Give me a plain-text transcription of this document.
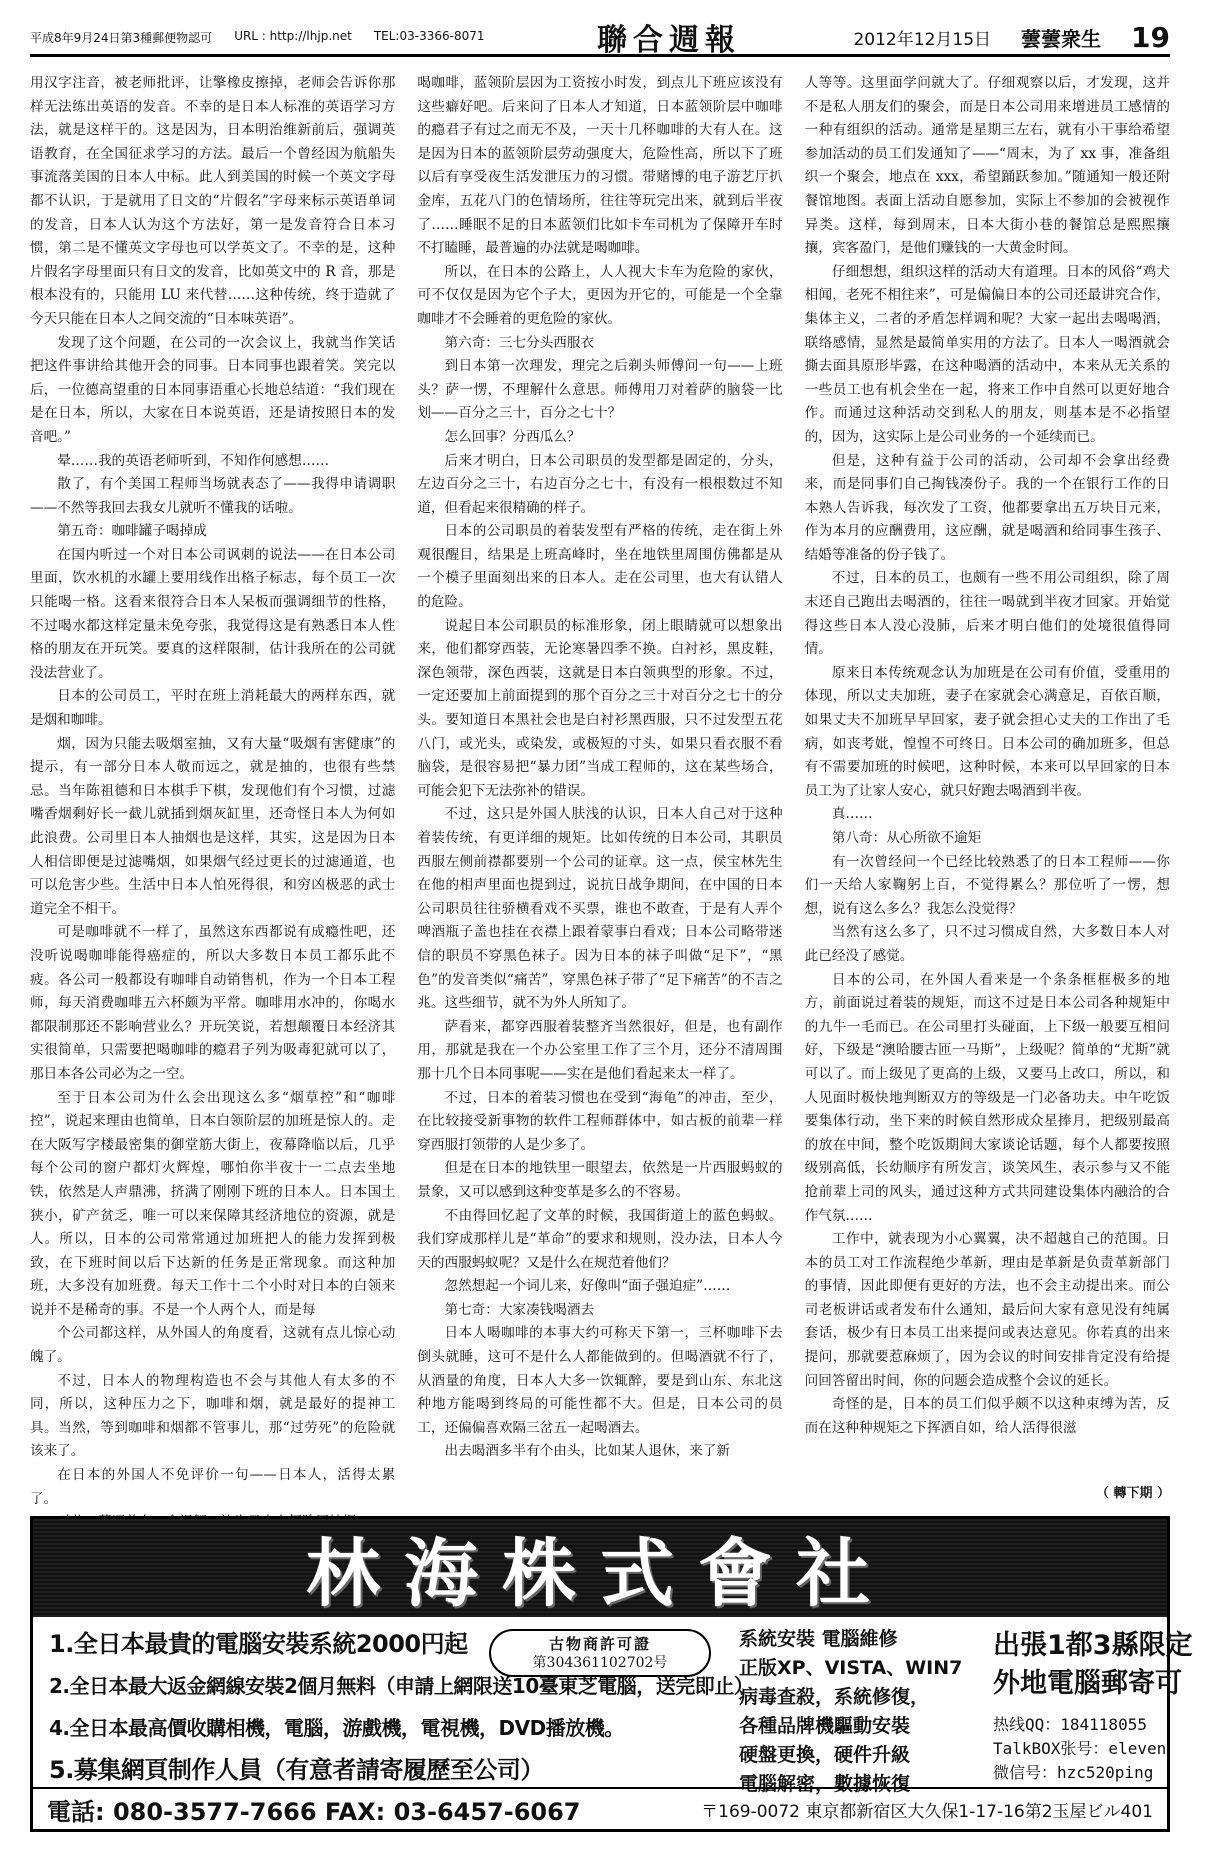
平成8年9月24日第3種郵便物認可 URL : http://lhjp.net TEL:03-3366-8071	聯合週報	2012年12月15日 蕓蕓衆生 19

用汉字注音，被老师批评，让擎橡皮擦掉，老师会告诉你那样无法练出英语的发音。不幸的是日本人标准的英语学习方法，就是这样干的。这是因为，日本明治维新前后，强调英语教育，在全国征求学习的方法。最后一个曾经因为航船失事流落美国的日本人中标。此人到美国的时候一个英文字母都不认识，于是就用了日文的“片假名”字母来标示英语单词的发音，日本人认为这个方法好，第一是发音符合日本习惯，第二是不懂英文字母也可以学英文了。不幸的是，这种片假名字母里面只有日文的发音，比如英文中的 R 音，那是根本没有的，只能用 LU 来代替……这种传统，终于造就了今天只能在日本人之间交流的“日本味英语”。

发现了这个问题，在公司的一次会议上，我就当作笑话把这件事讲给其他开会的同事。日本同事也跟着笑。笑完以后，一位德高望重的日本同事语重心长地总结道：“我们现在是在日本，所以，大家在日本说英语，还是请按照日本的发音吧。”

晕……我的英语老师听到，不知作何感想……

散了，有个美国工程师当场就表态了——我得申请调职——不然等我回去我女儿就听不懂我的话啦。

第五奇：咖啡罐子喝掉成

在国内听过一个对日本公司讽刺的说法——在日本公司里面，饮水机的水罐上要用线作出格子标志，每个员工一次只能喝一格。这看来很符合日本人呆板而强调细节的性格，不过喝水都这样定量未免夸张，我觉得这是有熟悉日本人性格的朋友在开玩笑。要真的这样限制，估计我所在的公司就没法营业了。

日本的公司员工，平时在班上消耗最大的两样东西，就是烟和咖啡。

烟，因为只能去吸烟室抽，又有大量“吸烟有害健康”的提示，有一部分日本人敬而远之，就是抽的，也很有些禁忌。当年陈祖德和日本棋手下棋，发现他们有个习惯，过滤嘴香烟剩好长一截儿就插到烟灰缸里，还奇怪日本人为何如此浪费。公司里日本人抽烟也是这样，其实，这是因为日本人相信即便是过滤嘴烟，如果烟气经过更长的过滤通道，也可以危害少些。生活中日本人怕死得很，和穷凶极恶的武士道完全不相干。

可是咖啡就不一样了，虽然这东西都说有成瘾性吧，还没听说喝咖啡能得癌症的，所以大多数日本员工都乐此不疲。各公司一般都设有咖啡自动销售机，作为一个日本工程师，每天消费咖啡五六杯颇为平常。咖啡用水冲的，你喝水都限制那还不影响营业么？开玩笑说，若想颠覆日本经济其实很简单，只需要把喝咖啡的瘾君子列为吸毒犯就可以了，那日本各公司必为之一空。

至于日本公司为什么会出现这么多“烟草控”和“咖啡控”，说起来理由也简单，日本白领阶层的加班是惊人的。走在大阪写字楼最密集的御堂筋大街上，夜幕降临以后，几乎每个公司的窗户都灯火辉煌，哪怕你半夜十一二点去坐地铁，依然是人声鼎沸，挤满了刚刚下班的日本人。日本国土狭小，矿产贫乏，唯一可以来保障其经济地位的资源，就是人。所以，日本的公司常常通过加班把人的能力发挥到极致，在下班时间以后下达新的任务是正常现象。而这种加班，大多没有加班费。每天工作十二个小时对日本的白领来说并不是稀奇的事。不是一个人两个人，而是每

个公司都这样，从外国人的角度看，这就有点儿惊心动魄了。

不过，日本人的物理构造也不会与其他人有太多的不同，所以，这种压力之下，咖啡和烟，就是最好的提神工具。当然，等到咖啡和烟都不管事儿，那“过劳死”的危险就该来了。

在日本的外国人不免评价一句——日本人，活得太累了。

喝咖啡，蓝领阶层因为工资按小时发，到点儿下班应该没有这些癖好吧。后来问了日本人才知道，日本蓝领阶层中咖啡的瘾君子有过之而无不及，一天十几杯咖啡的大有人在。这是因为日本的蓝领阶层劳动强度大，危险性高，所以下了班以后有享受夜生活发泄压力的习惯。带赌博的电子游艺厅扒金库，五花八门的色情场所，往往等玩完出来，就到后半夜了……睡眠不足的日本蓝领们比如卡车司机为了保障开车时不打瞌睡，最普遍的办法就是喝咖啡。

所以，在日本的公路上，人人视大卡车为危险的家伙，可不仅仅是因为它个子大，更因为开它的，可能是一个全靠咖啡才不会睡着的更危险的家伙。

第六奇：三七分头西服衣

到日本第一次理发，理完之后剃头师傅问一句——上班头？萨一愣，不理解什么意思。师傅用刀对着萨的脑袋一比划——百分之三十，百分之七十？

怎么回事？分西瓜么？

后来才明白，日本公司职员的发型都是固定的，分头，左边百分之三十，右边百分之七十，有没有一根根数过不知道，但看起来很精确的样子。

日本的公司职员的着装发型有严格的传统，走在街上外观很醒目，结果是上班高峰时，坐在地铁里周围仿佛都是从一个模子里面刻出来的日本人。走在公司里，也大有认错人的危险。

说起日本公司职员的标准形象，闭上眼睛就可以想象出来，他们都穿西装，无论寒暑四季不换。白衬衫，黑皮鞋，深色领带，深色西装，这就是日本白领典型的形象。不过，一定还要加上前面提到的那个百分之三十对百分之七十的分头。要知道日本黑社会也是白衬衫黑西服，只不过发型五花八门，或光头，或染发，或极短的寸头，如果只看衣服不看脑袋，是很容易把“暴力团”当成工程师的，这在某些场合，可能会犯下无法弥补的错误。

不过，这只是外国人肤浅的认识，日本人自己对于这种着装传统，有更详细的规矩。比如传统的日本公司，其职员西服左侧前襟都要别一个公司的证章。这一点，侯宝林先生在他的相声里面也提到过，说抗日战争期间，在中国的日本公司职员往往骄横看戏不买票，谁也不敢查，于是有人弄个啤酒瓶子盖也挂在衣襟上跟着蒙事白看戏；日本公司略带迷信的职员不穿黑色袜子。因为日本的袜子叫做“足下”，“黑色”的发音类似“痛苦”，穿黑色袜子带了“足下痛苦”的不吉之兆。这些细节，就不为外人所知了。

萨看来，都穿西服着装整齐当然很好，但是，也有副作用，那就是我在一个办公室里工作了三个月，还分不清周围那十几个日本同事呢——实在是他们看起来太一样了。

不过，日本的着装习惯也在受到“海龟”的冲击，至少，在比较接受新事物的软件工程师群体中，如古板的前辈一样穿西服打领带的人是少多了。

但是在日本的地铁里一眼望去，依然是一片西服蚂蚁的景象，又可以感到这种变革是多么的不容易。

不由得回忆起了文革的时候，我国街道上的蓝色蚂蚁。我们穿成那样儿是“革命”的要求和规则，没办法，日本人今天的西服蚂蚁呢？又是什么在规范着他们？

忽然想起一个词儿来，好像叫“面子强迫症”……

第七奇：大家凑钱喝酒去

日本人喝咖啡的本事大约可称天下第一，三杯咖啡下去倒头就睡，这可不是什么人都能做到的。但喝酒就不行了，从酒量的角度，日本人大多一饮辄醉，要是到山东、东北这种地方能喝到终局的可能性都不大。但是，日本公司的员工，还偏偏喜欢隔三岔五一起喝酒去。

出去喝酒多半有个由头，比如某人退休，来了新

人等等。这里面学问就大了。仔细观察以后，才发现，这并不是私人朋友们的聚会，而是日本公司用来增进员工感情的一种有组织的活动。通常是星期三左右，就有小干事给希望参加活动的员工们发通知了——“周末，为了 xx 事，准备组织一个聚会，地点在 xxx，希望踊跃参加。”随通知一般还附餐馆地图。表面上活动自愿参加，实际上不参加的会被视作异类。这样，每到周末，日本大街小巷的餐馆总是熙熙攘攘，宾客盈门，是他们赚钱的一大黄金时间。

仔细想想，组织这样的活动大有道理。日本的风俗“鸡犬相闻，老死不相往来”，可是偏偏日本的公司还最讲究合作，集体主义，二者的矛盾怎样调和呢？大家一起出去喝喝酒，联络感情，显然是最简单实用的方法了。日本人一喝酒就会撕去面具原形毕露，在这种喝酒的活动中，本来从无关系的一些员工也有机会坐在一起，将来工作中自然可以更好地合作。而通过这种活动交到私人的朋友，则基本是不必指望的，因为，这实际上是公司业务的一个延续而已。

但是，这种有益于公司的活动，公司却不会拿出经费来，而是同事们自己掏钱凑份子。我的一个在银行工作的日本熟人告诉我，每次发了工资，他都要拿出五万块日元来，作为本月的应酬费用，这应酬，就是喝酒和给同事生孩子、结婚等准备的份子钱了。

不过，日本的员工，也颇有一些不用公司组织，除了周末还自己跑出去喝酒的，往往一喝就到半夜才回家。开始觉得这些日本人没心没肺，后来才明白他们的处境很值得同情。

原来日本传统观念认为加班是在公司有价值，受重用的体现，所以丈夫加班，妻子在家就会心满意足，百依百顺，如果丈夫不加班早早回家，妻子就会担心丈夫的工作出了毛病，如丧考妣，惶惶不可终日。日本公司的确加班多，但总有不需要加班的时候吧，这种时候，本来可以早回家的日本员工为了让家人安心，就只好跑去喝酒到半夜。

真……

第八奇：从心所欲不逾矩

有一次曾经问一个已经比较熟悉了的日本工程师——你们一天给人家鞠躬上百，不觉得累么？那位听了一愣，想想，说有这么多么？我怎么没觉得？

当然有这么多了，只不过习惯成自然，大多数日本人对此已经没了感觉。

日本的公司，在外国人看来是一个条条框框极多的地方，前面说过着装的规矩，而这不过是日本公司各种规矩中的九牛一毛而已。在公司里打头碰面，上下级一般要互相问好，下级是“澳哈腰古匝一马斯”，上级呢？简单的“尤斯”就可以了。而上级见了更高的上级，又要马上改口，所以，和人见面时极快地判断双方的等级是一门必备功夫。中午吃饭要集体行动，坐下来的时候自然形成众星捧月，把级别最高的放在中间，整个吃饭期间大家谈论话题，每个人都要按照级别高低，长幼顺序有所发言，谈笑风生，表示参与又不能抢前辈上司的风头，通过这种方式共同建设集体内融洽的合作气氛……

工作中，就表现为小心翼翼，决不超越自己的范围。日本的员工对工作流程绝少革新，理由是革新是负责革新部门的事情，因此即便有更好的方法，也不会主动提出来。而公司老板讲话或者发布什么通知，最后问大家有意见没有纯属套话，极少有日本员工出来提问或表达意见。你若真的出来提问，那就要惹麻烦了，因为会议的时间安排肯定没有给提问回答留出时间，你的问题会造成整个会议的延长。

奇怪的是，日本的员工们似乎颇不以这种束缚为苦，反而在这种种规矩之下挥洒自如，给人活得很滋

（ 轉下期 ）
林海株式會社
1.全日本最貴的電腦安裝系統2000円起
2.全日本最大返金網線安裝2個月無料（申請上網限送10臺東芝電腦，送完即止）
4.全日本最高價收購相機，電腦，游戲機，電視機，DVD播放機。
5.募集網頁制作人員（有意者請寄履歷至公司）
古物商許可證
第304361102702号
系統安裝 電腦維修
正版XP、VISTA、WIN7
病毒查殺，系統修復，
各種品牌機驅動安裝
硬盤更換，硬件升級
電腦解密，數據恢復
出張1都3縣限定
外地電腦郵寄可
热线QQ：184118055
TalkBOX张号：eleven
微信号：hzc520ping
電話: 080-3577-7666 FAX: 03-6457-6067	〒169-0072 東京都新宿区大久保1-17-16第2玉屋ビル401
